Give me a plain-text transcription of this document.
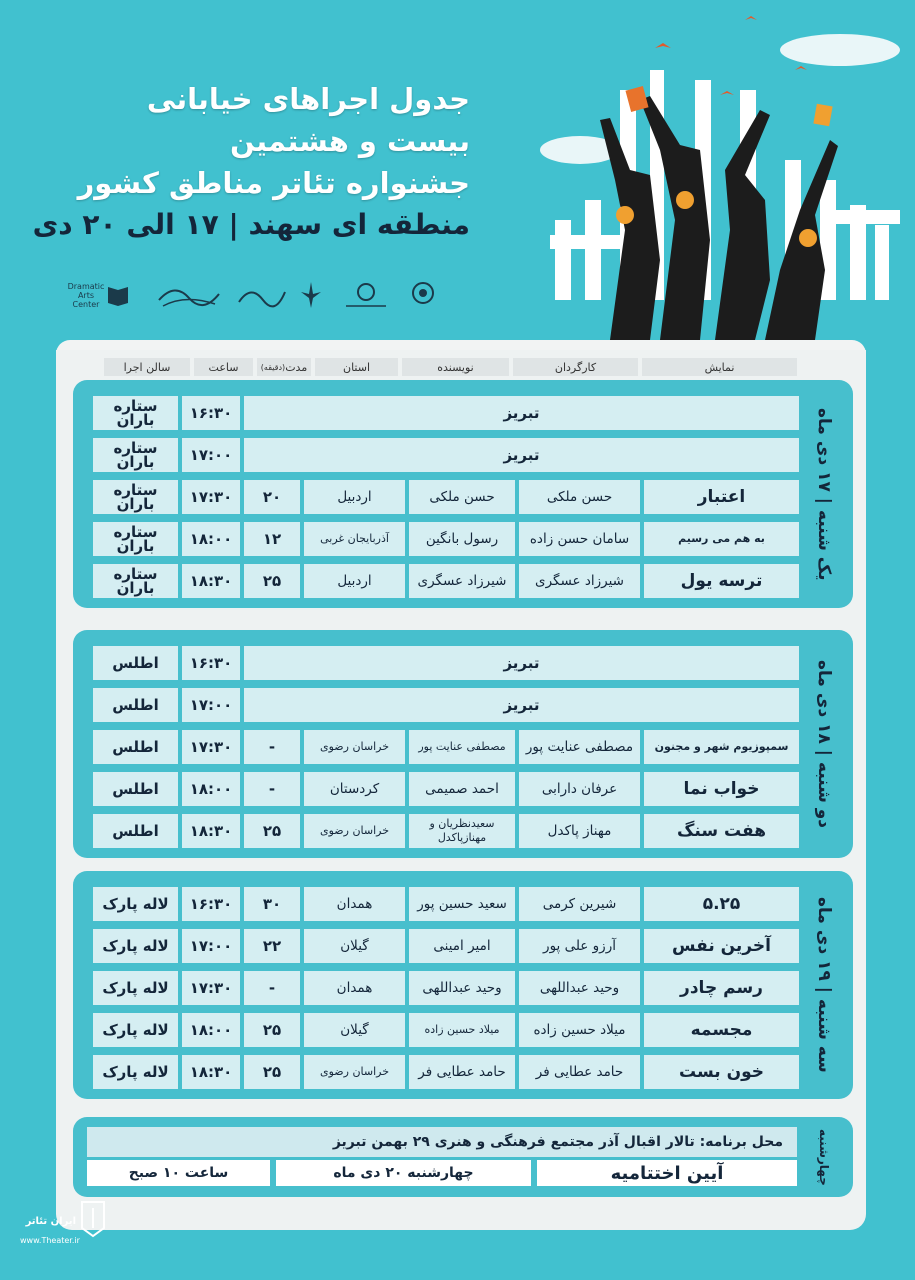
جدول اجراهای خیابانی
بیست و هشتمین
جشنواره تئاتر مناطق کشور
منطقه ای سهند | ۱۷ الی ۲۰ دی
Dramatic Arts Center
نمایش
کارگردان
نویسنده
استان
مدت
(دقیقه)
ساعت
سالن اجرا
یک شنبه | ۱۷ دی ماه
تبریز
۱۶:۳۰
ستاره باران
تبریز
۱۷:۰۰
ستاره باران
اعتبار
حسن ملکی
حسن ملکی
اردبیل
۲۰
۱۷:۳۰
ستاره باران
به هم می رسیم
سامان حسن زاده
رسول بانگین
آذربایجان غربی
۱۲
۱۸:۰۰
ستاره باران
ترسه یول
شیرزاد عسگری
شیرزاد عسگری
اردبیل
۲۵
۱۸:۳۰
ستاره باران
دو شنبه | ۱۸ دی ماه
تبریز
۱۶:۳۰
اطلس
تبریز
۱۷:۰۰
اطلس
سمپوزیوم شهر و مجنون
مصطفی عنایت پور
مصطفی عنایت پور
خراسان رضوی
-
۱۷:۳۰
اطلس
خواب نما
عرفان دارابی
احمد صمیمی
کردستان
-
۱۸:۰۰
اطلس
هفت سنگ
مهناز پاکدل
سعیدنظریان و مهنازپاکدل
خراسان رضوی
۲۵
۱۸:۳۰
اطلس
سه شنبه | ۱۹ دی ماه
۵.۲۵
شیرین کرمی
سعید حسین پور
همدان
۳۰
۱۶:۳۰
لاله پارک
آخرین نفس
آرزو علی پور
امیر امینی
گیلان
۲۲
۱۷:۰۰
لاله پارک
رسم چادر
وحید عبداللهی
وحید عبداللهی
همدان
-
۱۷:۳۰
لاله پارک
مجسمه
میلاد حسین زاده
میلاد حسین زاده
گیلان
۲۵
۱۸:۰۰
لاله پارک
خون بست
حامد عطایی فر
حامد عطایی فر
خراسان رضوی
۲۵
۱۸:۳۰
لاله پارک
چهارشنبه
محل برنامه: تالار اقبال آذر مجتمع فرهنگی و هنری ۲۹ بهمن تبریز
آیین اختتامیه
چهارشنبه ۲۰ دی ماه
ساعت ۱۰ صبح
ایران تئاتر
www.Theater.ir
